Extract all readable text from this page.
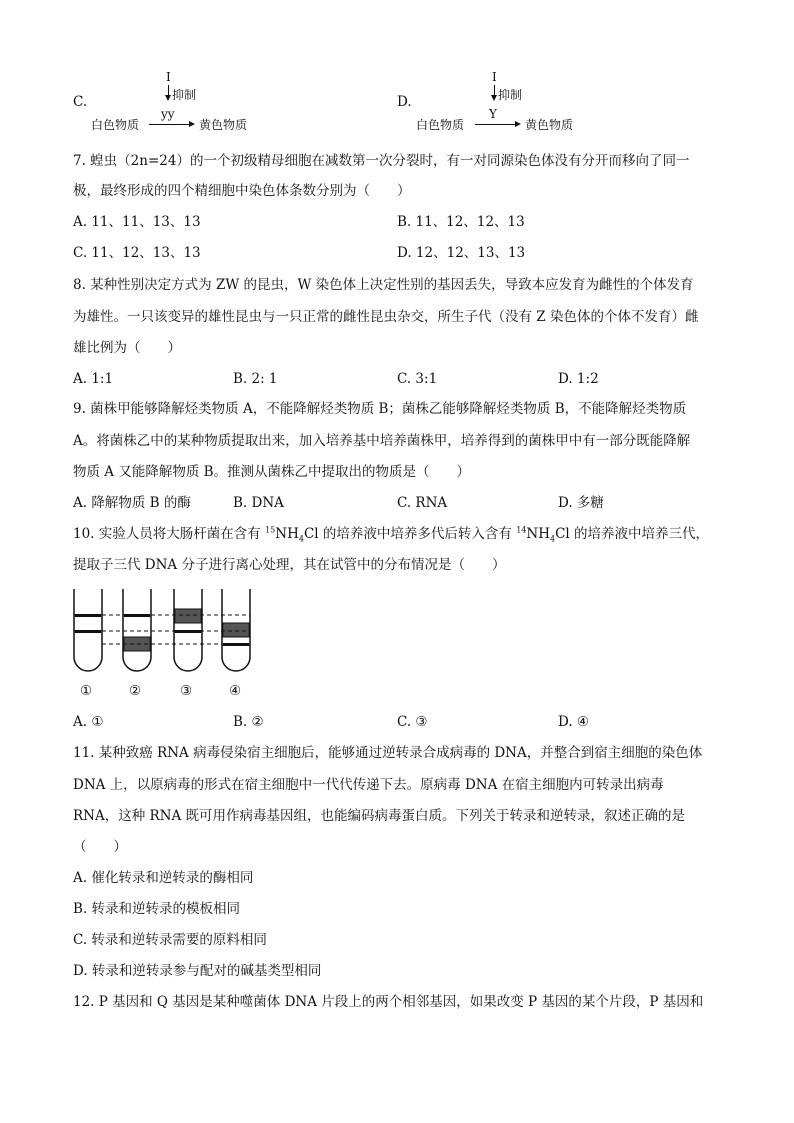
C.
I
抑制
白色物质
yy
黄色物质
D.
I
抑制
白色物质
Y
黄色物质
7. 蝗虫（2n=24）的一个初级精母细胞在减数第一次分裂时，有一对同源染色体没有分开而移向了同一
极，最终形成的四个精细胞中染色体条数分别为（　　）
A. 11、11、13、13	B. 11、12、12、13
C. 11、12、13、13	D. 12、12、13、13
8. 某种性别决定方式为 ZW 的昆虫，W 染色体上决定性别的基因丢失，导致本应发育为雌性的个体发育
为雄性。一只该变异的雄性昆虫与一只正常的雌性昆虫杂交，所生子代（没有 Z 染色体的个体不发育）雌
雄比例为（　　）
A. 1:1	B. 2: 1	C. 3:1	D. 1:2
9. 菌株甲能够降解烃类物质 A，不能降解烃类物质 B；菌株乙能够降解烃类物质 B，不能降解烃类物质
A。将菌株乙中的某种物质提取出来，加入培养基中培养菌株甲，培养得到的菌株甲中有一部分既能降解
物质 A 又能降解物质 B。推测从菌株乙中提取出的物质是（　　）
A. 降解物质 B 的酶	B. DNA	C. RNA	D. 多糖
10. 实验人员将大肠杆菌在含有 $^{15}NH_4Cl$ 的培养液中培养多代后转入含有 $^{14}NH_4Cl$ 的培养液中培养三代，
提取子三代 DNA 分子进行离心处理，其在试管中的分布情况是（　　）
①	②	③	④
A. ①	B. ②	C. ③	D. ④
11. 某种致癌 RNA 病毒侵染宿主细胞后，能够通过逆转录合成病毒的 DNA，并整合到宿主细胞的染色体
DNA 上，以原病毒的形式在宿主细胞中一代代传递下去。原病毒 DNA 在宿主细胞内可转录出病毒
RNA，这种 RNA 既可用作病毒基因组，也能编码病毒蛋白质。下列关于转录和逆转录，叙述正确的是
（　　）
A. 催化转录和逆转录的酶相同
B. 转录和逆转录的模板相同
C. 转录和逆转录需要的原料相同
D. 转录和逆转录参与配对的碱基类型相同
12. P 基因和 Q 基因是某种噬菌体 DNA 片段上的两个相邻基因，如果改变 P 基因的某个片段，P 基因和
